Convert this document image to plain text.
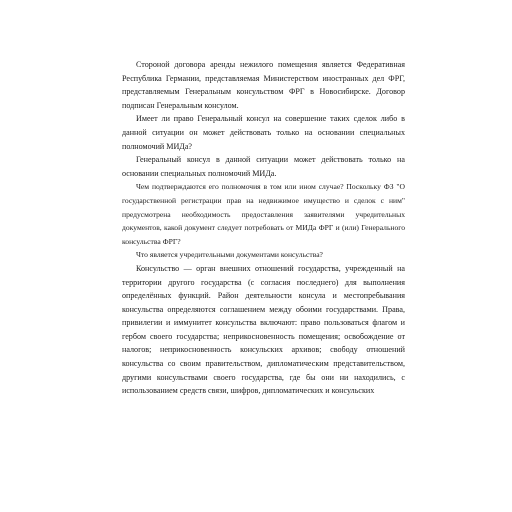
Стороной договора аренды нежилого помещения является Федеративная Республика Германии, представляемая Министерством иностранных дел ФРГ, представляемым Генеральным консульством ФРГ в Новосибирске. Договор подписан Генеральным консулом.

Имеет ли право Генеральный консул на совершение таких сделок либо в данной ситуации он может действовать только на основании специальных полномочий МИДа?

Генеральный консул в данной ситуации может действовать только на основании специальных полномочий МИДа.

Чем подтверждаются его полномочия в том или ином случае? Поскольку ФЗ "О государственной регистрации прав на недвижимое имущество и сделок с ним" предусмотрена необходимость предоставления заявителями учредительных документов, какой документ следует потребовать от МИДа ФРГ и (или) Генерального консульства ФРГ?

Что является учредительными документами консульства?

Консульство — орган внешних отношений государства, учрежденный на территории другого государства (с согласия последнего) для выполнения определённых функций. Район деятельности консула и местопребывания консульства определяются соглашением между обоими государствами. Права, привилегии и иммунитет консульства включают: право пользоваться флагом и гербом своего государства; неприкосновенность помещения; освобождение от налогов; неприкосновенность консульских архивов; свободу отношений консульства со своим правительством, дипломатическим представительством, другими консульствами своего государства, где бы они ни находились, с использованием средств связи, шифров, дипломатических и консульских
